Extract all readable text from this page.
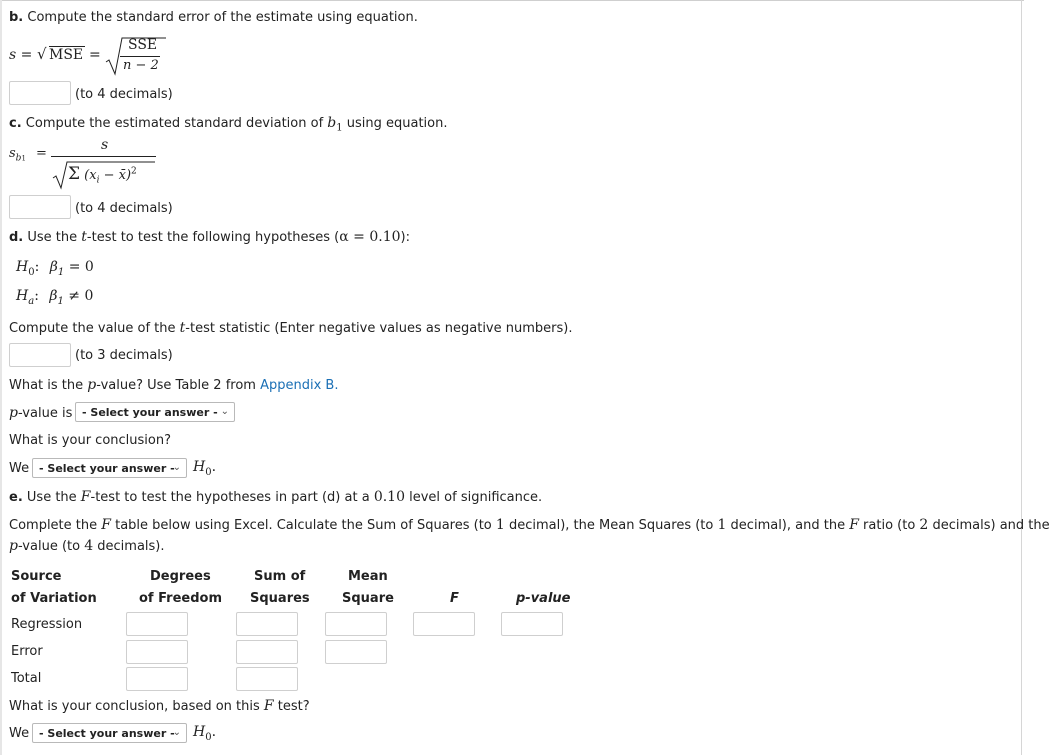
b. Compute the standard error of the estimate using equation.
s = √ MSE =
SSE
n − 2
(to 4 decimals)
c. Compute the estimated standard deviation of $b_1$ using equation.
$s_{b1}$ =
s
Σ ($x_i$ − x̄)$^2$
(to 4 decimals)
d. Use the t-test to test the following hypotheses (α = 0.10):
$H_0$: $\beta_1 = 0$
$H_a$: $\beta_1 \ne 0$
Compute the value of the t-test statistic (Enter negative values as negative numbers).
(to 3 decimals)
What is the p-value? Use Table 2 from Appendix B.
p-value is - Select your answer - ⌄
What is your conclusion?
We - Select your answer -
⌄ $H_0$.
e. Use the F-test to test the hypotheses in part (d) at a 0.10 level of significance.
Complete the F table below using Excel. Calculate the Sum of Squares (to 1 decimal), the Mean Squares (to 1 decimal), and the F ratio (to 2 decimals) and the
p-value (to 4 decimals).
Source
of Variation
Degrees
of Freedom
Sum of
Squares
Mean
Square	F	p-value
Regression
Error
Total
What is your conclusion, based on this F test?
We - Select your answer -
⌄ $H_0$.
